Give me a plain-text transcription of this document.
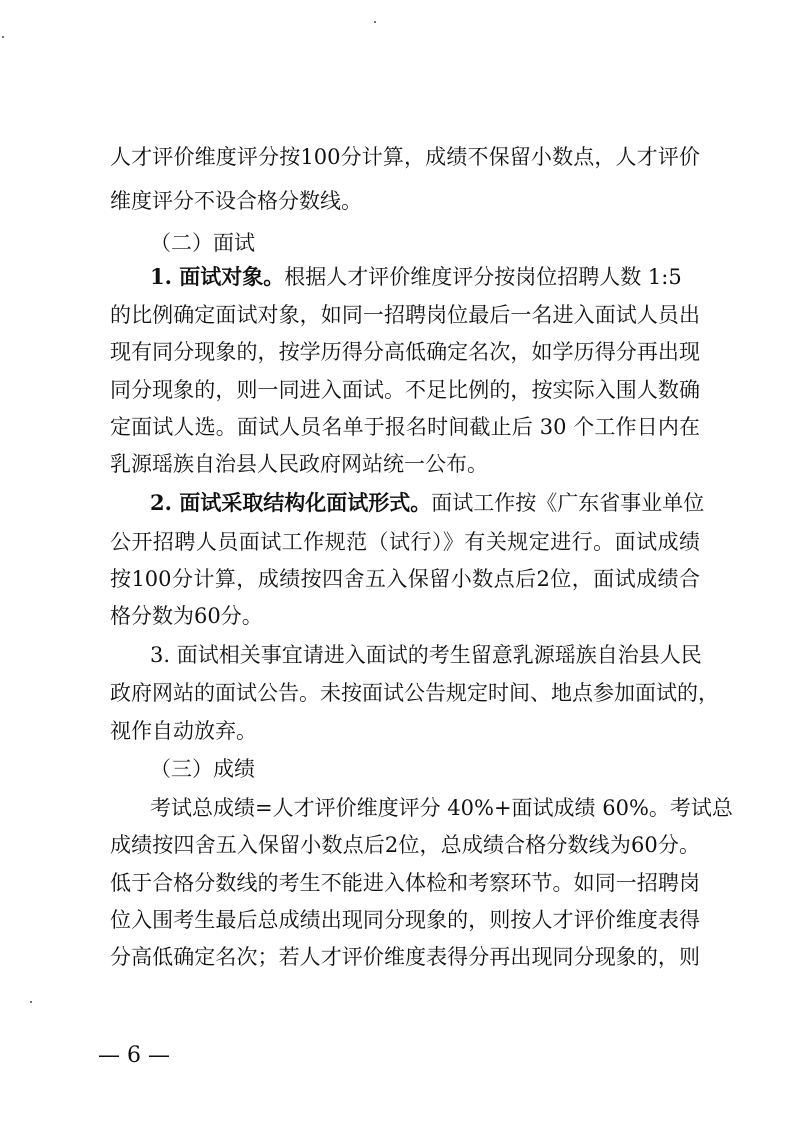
人才评价维度评分按100分计算，成绩不保留小数点，人才评价
维度评分不设合格分数线。
（二）面试
1. 面试对象。根据人才评价维度评分按岗位招聘人数 1:5
的比例确定面试对象，如同一招聘岗位最后一名进入面试人员出
现有同分现象的，按学历得分高低确定名次，如学历得分再出现
同分现象的，则一同进入面试。不足比例的，按实际入围人数确
定面试人选。面试人员名单于报名时间截止后 30 个工作日内在
乳源瑶族自治县人民政府网站统一公布。
2. 面试采取结构化面试形式。面试工作按《广东省事业单位
公开招聘人员面试工作规范（试行）》有关规定进行。面试成绩
按100分计算，成绩按四舍五入保留小数点后2位，面试成绩合
格分数为60分。
3. 面试相关事宜请进入面试的考生留意乳源瑶族自治县人民
政府网站的面试公告。未按面试公告规定时间、地点参加面试的，
视作自动放弃。
（三）成绩
考试总成绩=人才评价维度评分 40%+面试成绩 60%。考试总
成绩按四舍五入保留小数点后2位，总成绩合格分数线为60分。
低于合格分数线的考生不能进入体检和考察环节。如同一招聘岗
位入围考生最后总成绩出现同分现象的，则按人才评价维度表得
分高低确定名次；若人才评价维度表得分再出现同分现象的，则
— 6 —
